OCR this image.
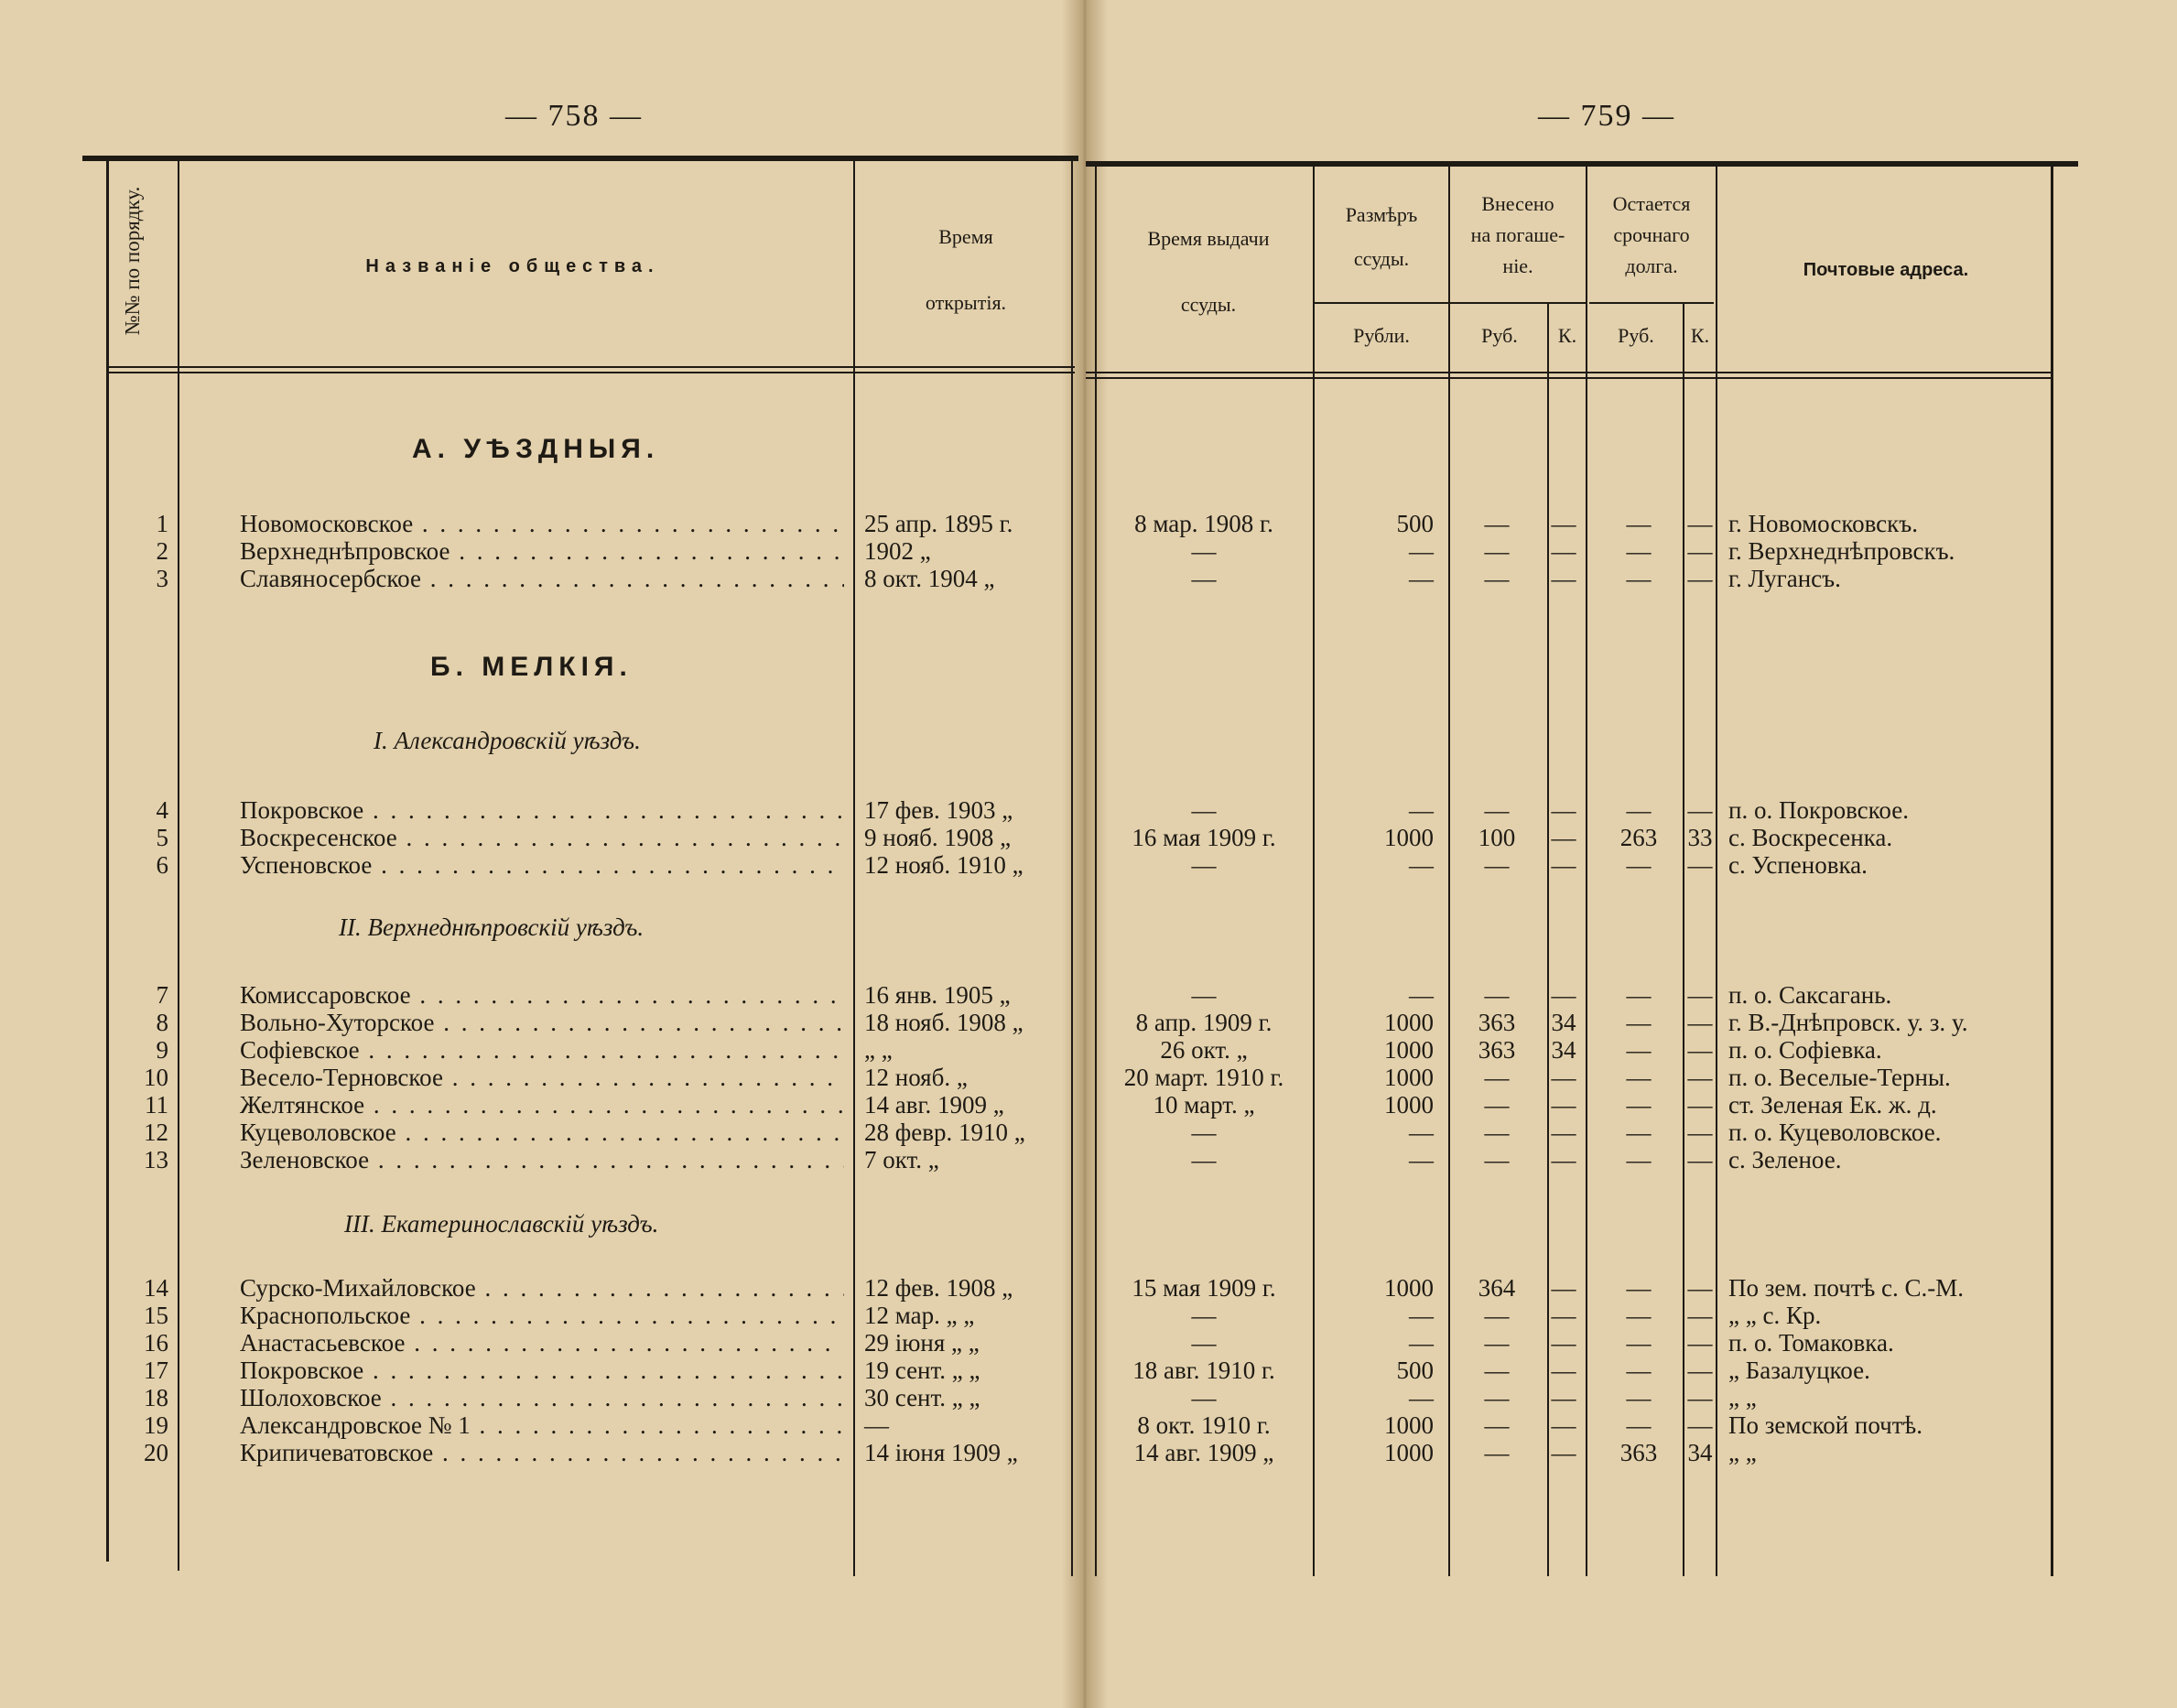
— 758 —	— 759 —
№№ по порядку.	Названіе общества.
Время
открытія.
Время выдачи
ссуды.
Размѣръ
ссуды.
Рубли.
Внесено
на погаше-
ніе.
Руб.	К.
Остается
срочнаго
долга.
Руб.	К.
Почтовые адреса.
А. УѢЗДНЫЯ.
Б. МЕЛКІЯ.
I. Александровскій уѣздъ.
II. Верхнеднѣпровскій уѣздъ.
III. Екатеринославскій уѣздъ.
1	Новомосковское . . .	25 апр. 1895 г.	8 мар. 1908 г.	500	—	—	—	— г. Новомосковскъ.
2	Верхнеднѣпровское . . .	1902 „	—	—	—	—	—	— г. Верхнеднѣпровскъ.
3	Славяносербское . . .	8 окт. 1904 „	—	—	—	—	—	— г. Лугансъ.
4	Покровское . . .	17 фев. 1903 „	—	—	—	—	—	— п. о. Покровское.
5	Воскресенское . . .	9 нояб. 1908 „	16 мая 1909 г.	1000	100	—	263	33 с. Воскресенка.
6	Успеновское . . .	12 нояб. 1910 „	—	—	—	—	—	— с. Успеновка.
7	Комиссаровское . . .	16 янв. 1905 „	—	—	—	—	—	— п. о. Саксагань.
8	Вольно-Хуторское . . .	18 нояб. 1908 „	8 апр. 1909 г.	1000	363	34	—	— г. В.-Днѣпровск. у. з. у.
9	Софіевское . . .	„ „	26 окт. „	1000	363	34	—	— п. о. Софіевка.
10	Весело-Терновское . . .	12 нояб. „	20 март. 1910 г.	1000	—	—	—	— п. о. Веселые-Терны.
11	Желтянское . . .	14 авг. 1909 „	10 март. „	1000	—	—	—	— ст. Зеленая Ек. ж. д.
12	Куцеволовское . . .	28 февр. 1910 „	—	—	—	—	—	— п. о. Куцеволовское.
13	Зеленовское . . .	7 окт. „	—	—	—	—	—	— с. Зеленое.
14	Сурско-Михайловское . . .	12 фев. 1908 „	15 мая 1909 г.	1000	364	—	—	— По зем. почтѣ с. С.-М.
15	Краснопольское . . .	12 мар. „ „	—	—	—	—	—	— „ „ с. Кр.
16	Анастасьевское . . .	29 іюня „ „	—	—	—	—	—	— п. о. Томаковка.
17	Покровское . . .	19 сент. „ „	18 авг. 1910 г.	500	—	—	—	— „ Базалуцкое.
18	Шолоховское . . .	30 сент. „ „	—	—	—	—	—	— „ „
19	Александровское № 1 . . .	—	8 окт. 1910 г.	1000	—	—	—	— По земской почтѣ.
20	Крипичеватовское . . .	14 іюня 1909 „	14 авг. 1909 „	1000	—	—	363	34 „ „
